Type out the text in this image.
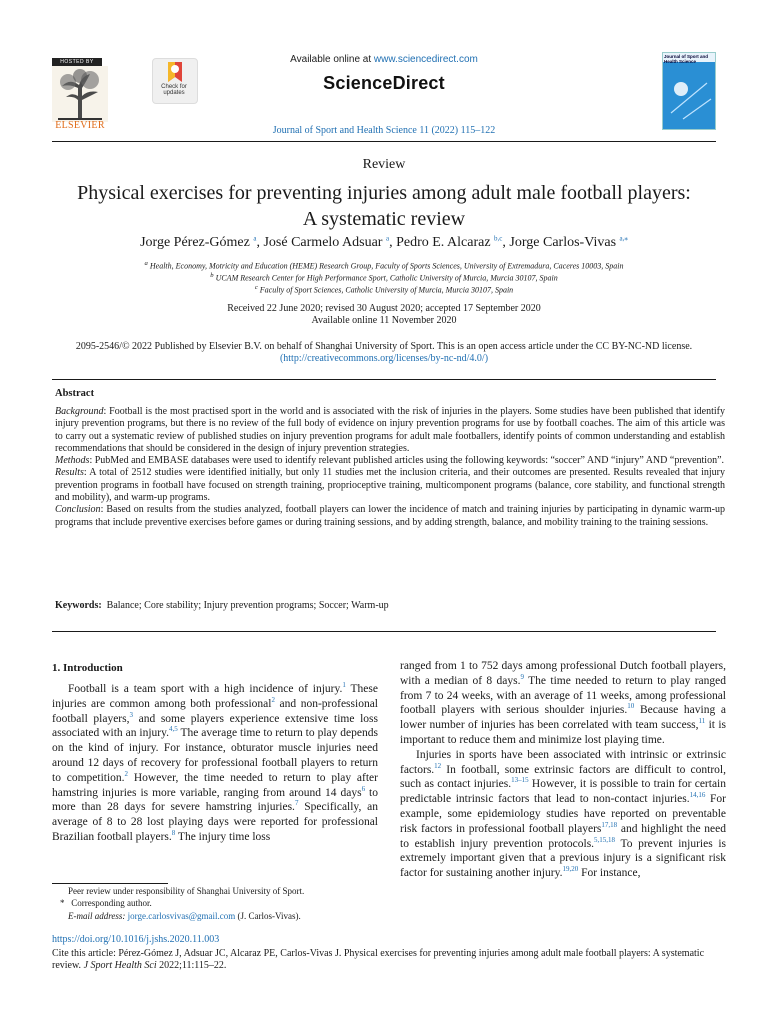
HOSTED BY
ELSEVIER
Check for updates
Available online at www.sciencedirect.com
ScienceDirect
Journal of Sport and Health Science 11 (2022) 115–122
Journal of Sport and Health Science
Review
Physical exercises for preventing injuries among adult male football players:
A systematic review
Jorge Pérez-Gómez $^a$, José Carmelo Adsuar $^a$, Pedro E. Alcaraz $^{b,c}$, Jorge Carlos-Vivas $^{a,⁎}$
$^a$ Health, Economy, Motricity and Education (HEME) Research Group, Faculty of Sports Sciences, University of Extremadura, Caceres 10003, Spain
$^b$ UCAM Research Center for High Performance Sport, Catholic University of Murcia, Murcia 30107, Spain
$^c$ Faculty of Sport Sciences, Catholic University of Murcia, Murcia 30107, Spain
Received 22 June 2020; revised 30 August 2020; accepted 17 September 2020
Available online 11 November 2020
2095-2546/© 2022 Published by Elsevier B.V. on behalf of Shanghai University of Sport. This is an open access article under the CC BY-NC-ND license.
(http://creativecommons.org/licenses/by-nc-nd/4.0/)
Abstract

Background: Football is the most practised sport in the world and is associated with the risk of injuries in the players. Some studies have been published that identify injury prevention programs, but there is no review of the full body of evidence on injury prevention programs for use by football coaches. The aim of this article was to carry out a systematic review of published studies on injury prevention programs for adult male footballers, identify points of common understanding and establish recommendations that should be considered in the design of injury prevention strategies.

Methods: PubMed and EMBASE databases were used to identify relevant published articles using the following keywords: “soccer” AND “injury” AND “prevention”.

Results: A total of 2512 studies were identified initially, but only 11 studies met the inclusion criteria, and their outcomes are presented. Results revealed that injury prevention programs in football have focused on strength training, proprioceptive training, multicomponent programs (balance, core stability, and functional strength and mobility), and warm-up programs.

Conclusion: Based on results from the studies analyzed, football players can lower the incidence of match and training injuries by participating in dynamic warm-up programs that include preventive exercises before games or during training sessions, and by adding strength, balance, and mobility training to the training sessions.

Keywords: Balance; Core stability; Injury prevention programs; Soccer; Warm-up
1. Introduction

Football is a team sport with a high incidence of injury.$^1$ These injuries are common among both professional$^2$ and non-professional football players,$^3$ and some players experience extensive time loss associated with an injury.$^{4,5}$ The average time to return to play depends on the kind of injury. For instance, obturator muscle injuries need around 12 days of recovery for professional football players to return to competition.$^2$ However, the time needed to return to play after hamstring injuries is more variable, ranging from around 14 days$^6$ to more than 28 days for severe hamstring injuries.$^7$ Specifically, an average of 8 to 28 lost playing days were reported for professional Brazilian football players.$^8$ The injury time loss

ranged from 1 to 752 days among professional Dutch football players, with a median of 8 days.$^9$ The time needed to return to play ranged from 7 to 24 weeks, with an average of 11 weeks, among professional football players with serious shoulder injuries.$^{10}$ Because having a lower number of injuries has been correlated with team success,$^{11}$ it is important to reduce them and minimize lost playing time.

Injuries in sports have been associated with intrinsic or extrinsic factors.$^{12}$ In football, some extrinsic factors are difficult to control, such as contact injuries.$^{13-15}$ However, it is possible to train for certain predictable intrinsic factors that lead to non-contact injuries.$^{14,16}$ For example, some epidemiology studies have reported on preventable risk factors in professional football players$^{17,18}$ and highlight the need to establish injury prevention protocols.$^{5,15,18}$ To prevent injuries is extremely important given that a previous injury is a significant risk factor for sustaining another injury.$^{19,20}$ For instance,

Peer review under responsibility of Shanghai University of Sport.
* Corresponding author.
E-mail address: jorge.carlosvivas@gmail.com (J. Carlos-Vivas).
https://doi.org/10.1016/j.jshs.2020.11.003
Cite this article: Pérez-Gómez J, Adsuar JC, Alcaraz PE, Carlos-Vivas J. Physical exercises for preventing injuries among adult male football players: A systematic review. J Sport Health Sci 2022;11:115–22.
